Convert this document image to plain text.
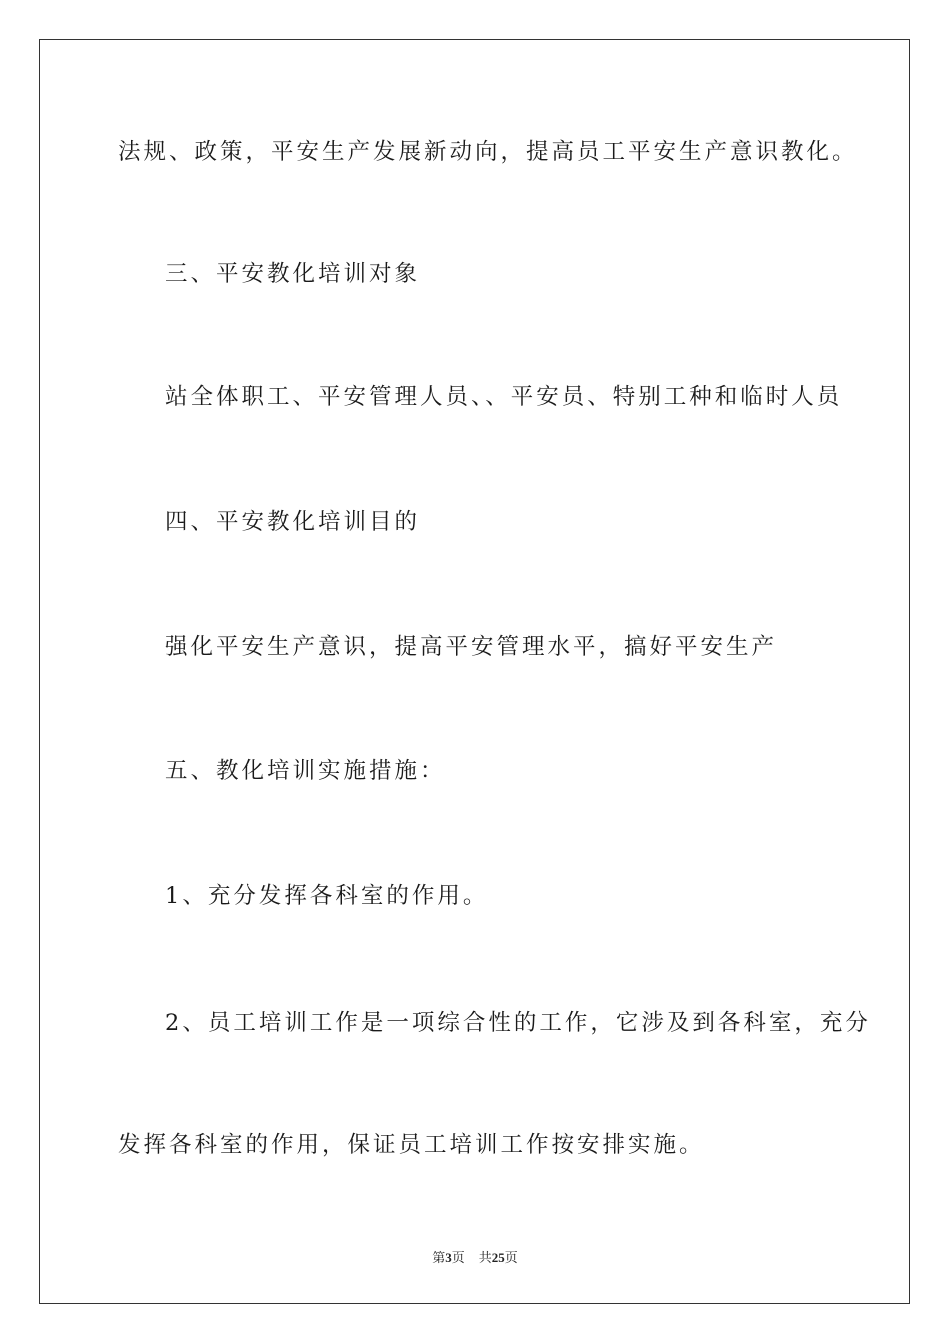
法规、政策，平安生产发展新动向，提高员工平安生产意识教化。

三、平安教化培训对象

站全体职工、平安管理人员、、平安员、特别工种和临时人员

四、平安教化培训目的

强化平安生产意识，提高平安管理水平，搞好平安生产

五、教化培训实施措施：

1、充分发挥各科室的作用。

2、员工培训工作是一项综合性的工作，它涉及到各科室，充分

发挥各科室的作用，保证员工培训工作按安排实施。

第3页 共25页
